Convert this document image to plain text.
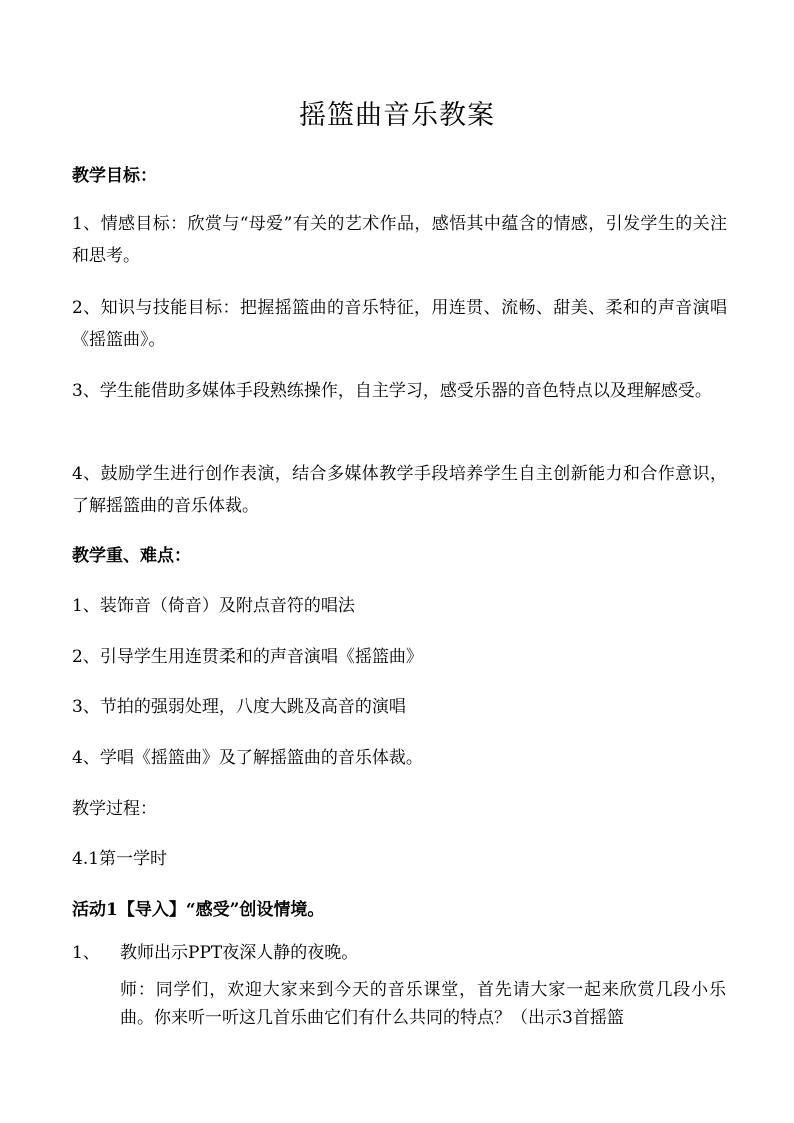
摇篮曲音乐教案
教学目标：
1、情感目标：欣赏与“母爱”有关的艺术作品，感悟其中蕴含的情感，引发学生的关注和思考。
2、知识与技能目标：把握摇篮曲的音乐特征，用连贯、流畅、甜美、柔和的声音演唱《摇篮曲》。
3、学生能借助多媒体手段熟练操作，自主学习，感受乐器的音色特点以及理解感受。
4、鼓励学生进行创作表演，结合多媒体教学手段培养学生自主创新能力和合作意识，了解摇篮曲的音乐体裁。
教学重、难点：
1、装饰音（倚音）及附点音符的唱法
2、引导学生用连贯柔和的声音演唱《摇篮曲》
3、节拍的强弱处理，八度大跳及高音的演唱
4、学唱《摇篮曲》及了解摇篮曲的音乐体裁。
教学过程：
4.1第一学时
活动1【导入】“感受”创设情境。
1、 教师出示PPT夜深人静的夜晚。
师：同学们，欢迎大家来到今天的音乐课堂，首先请大家一起来欣赏几段小乐曲。你来听一听这几首乐曲它们有什么共同的特点？（出示3首摇篮
